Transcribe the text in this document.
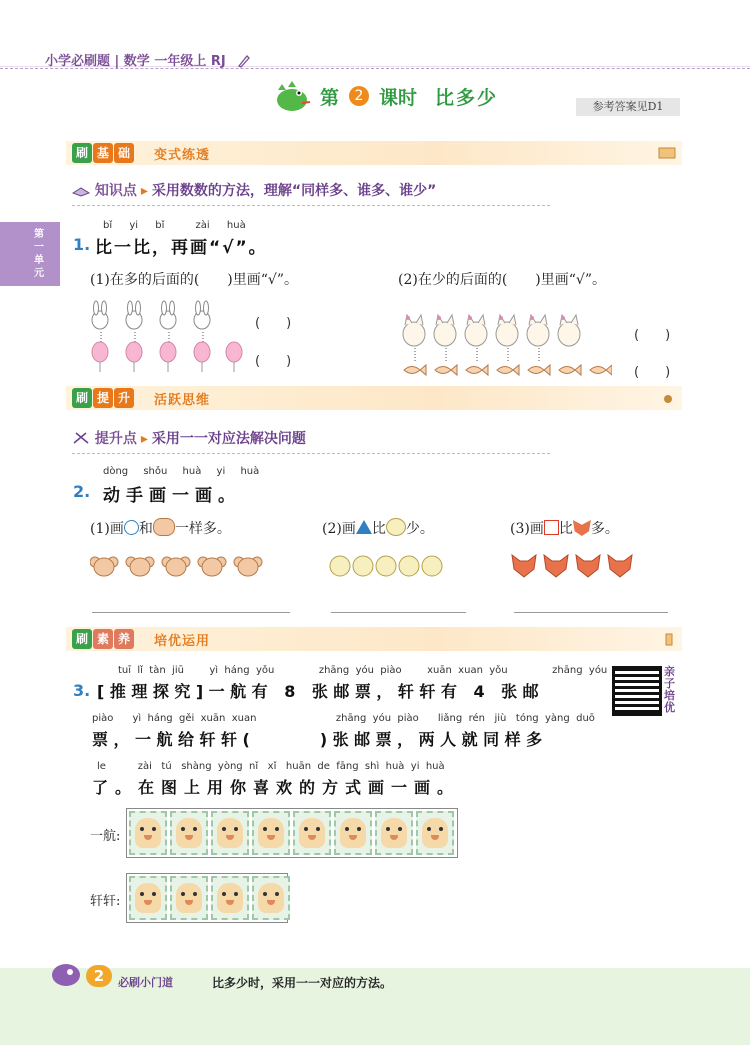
小学必刷题 | 数学 一年级上 RJ
第	2 课时 比多少	参考答案见D1
第一单元
刷 基 础	变式练透
知识点 ▸ 采用数数的方法，理解“同样多、谁多、谁少”
bǐ yi bǐ	zài huà
1. 比一比，再画“√”。
(1)在多的后面的(　　)里画“√”。	(2)在少的后面的(　　)里画“√”。
(　　)
(　　)
(　　)
(　　)
刷 提 升	活跃思维
提升点 ▸ 采用一一对应法解决问题
dòng shǒu huà yi huà
2. 动手画一画。
(1)画 和 一样多。	(2)画 比 少。	(3)画 比 多。
刷 素 养	培优运用
tuī  lǐ  tàn  jiū        yì  háng  yǒu              zhāng  yóu  piào        xuān  xuan  yǒu              zhāng  yóu
3. [推理探究]一航有 8 张邮票，轩轩有 4 张邮
piào      yì  háng  gěi  xuān  xuan                         zhāng  yóu  piào      liǎng  rén   jiù   tóng  yàng  duō
票，一航给轩轩(　　　)张邮票，两人就同样多
le          zài   tú   shàng  yòng  nǐ   xǐ   huān  de  fāng  shì  huà  yi  huà
了。在图上用你喜欢的方式画一画。
亲子培优
一航:
轩轩:
2	必刷小门道	比多少时，采用一一对应的方法。
